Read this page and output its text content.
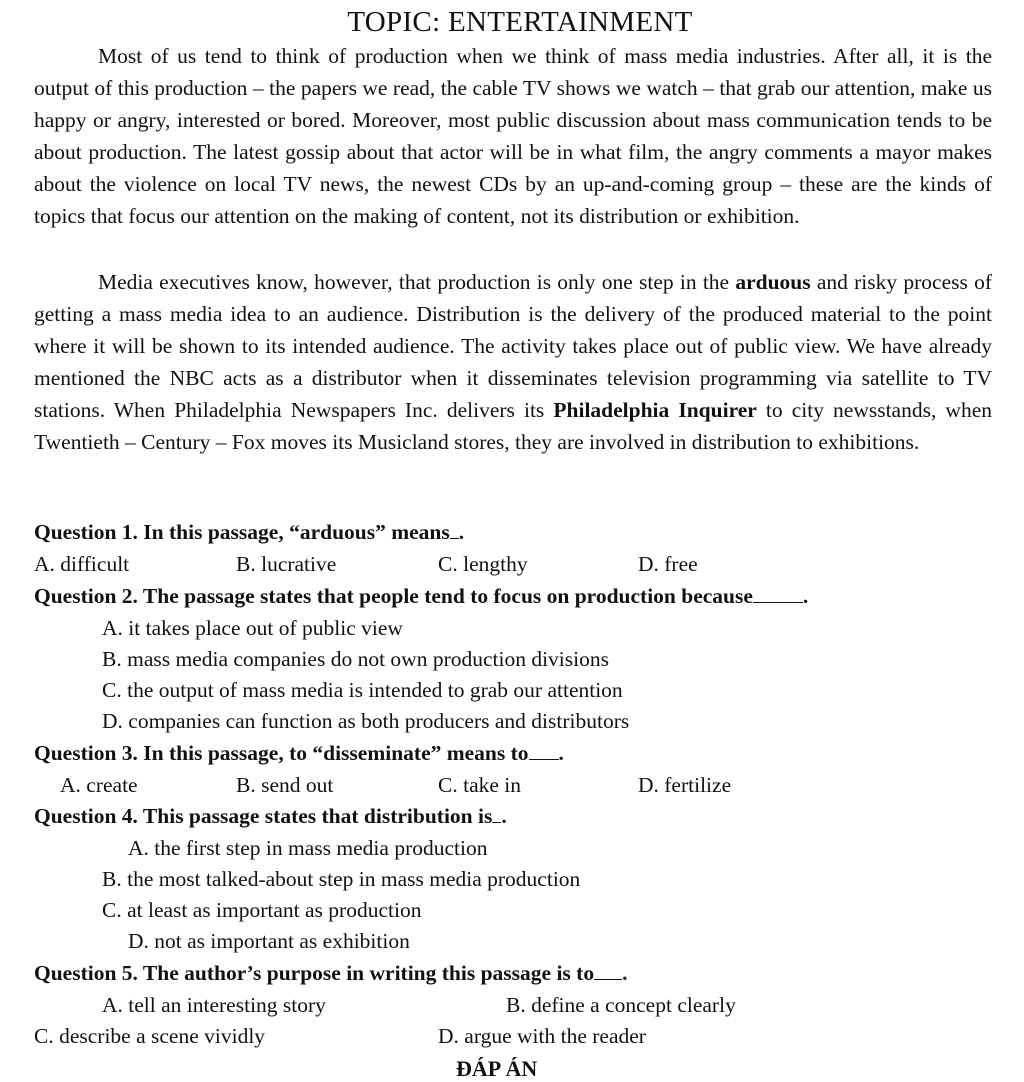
TOPIC: ENTERTAINMENT

Most of us tend to think of production when we think of mass media industries. After all, it is the output of this production – the papers we read, the cable TV shows we watch – that grab our attention, make us happy or angry, interested or bored. Moreover, most public discussion about mass communication tends to be about production. The latest gossip about that actor will be in what film, the angry comments a mayor makes about the violence on local TV news, the newest CDs by an up-and-coming group – these are the kinds of topics that focus our attention on the making of content, not its distribution or exhibition.

Media executives know, however, that production is only one step in the arduous and risky process of getting a mass media idea to an audience. Distribution is the delivery of the produced material to the point where it will be shown to its intended audience. The activity takes place out of public view. We have already mentioned the NBC acts as a distributor when it disseminates television programming via satellite to TV stations. When Philadelphia Newspapers Inc. delivers its Philadelphia Inquirer to city newsstands, when Twentieth – Century – Fox moves its Musicland stores, they are involved in distribution to exhibitions.

Question 1. In this passage, “arduous” means .
A. difficult	B. lucrative	C. lengthy	D. free
Question 2. The passage states that people tend to focus on production because .
A. it takes place out of public view
B. mass media companies do not own production divisions
C. the output of mass media is intended to grab our attention
D. companies can function as both producers and distributors
Question 3. In this passage, to “disseminate” means to .
A. create	B. send out	C. take in	D. fertilize
Question 4. This passage states that distribution is .
A. the first step in mass media production
B. the most talked-about step in mass media production
C. at least as important as production
D. not as important as exhibition
Question 5. The author’s purpose in writing this passage is to .
A. tell an interesting story	B. define a concept clearly
C. describe a scene vividly	D. argue with the reader
ĐÁP ÁN
